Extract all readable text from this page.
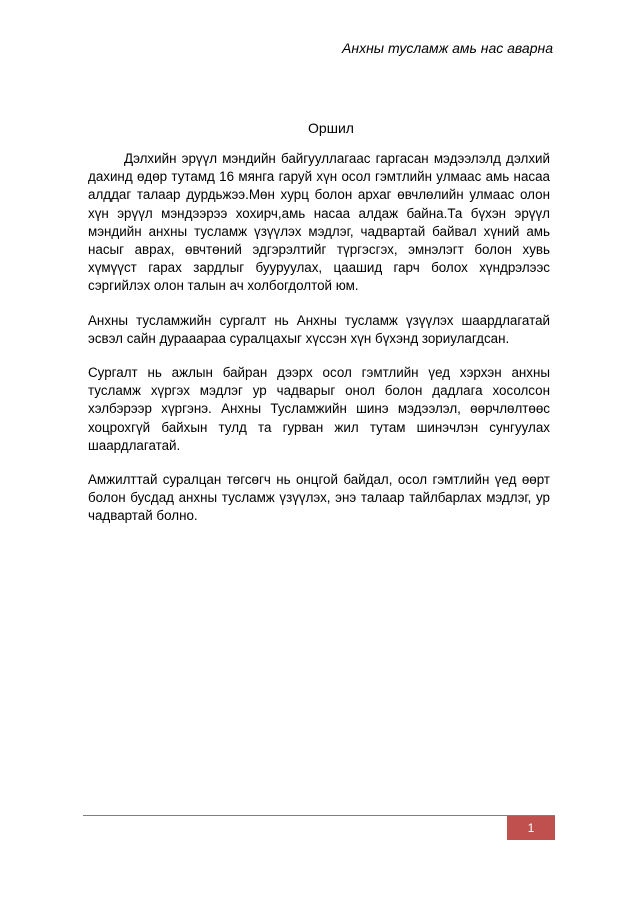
Анхны тусламж амь нас аварна
Оршил

Дэлхийн эрүүл мэндийн байгууллагаас гаргасан мэдээлэлд дэлхий дахинд өдөр тутамд 16 мянга гаруй хүн осол гэмтлийн улмаас амь насаа алддаг талаар дурдьжээ.Мөн хурц болон архаг өвчлөлийн улмаас олон хүн эрүүл мэндээрээ хохирч,амь насаа алдаж байна.Та бүхэн эрүүл мэндийн анхны тусламж үзүүлэх мэдлэг, чадвартай байвал хүний амь насыг аврах, өвчтөний эдгэрэлтийг түргэсгэх, эмнэлэгт болон хувь хүмүүст гарах зардлыг бууруулах, цаашид гарч болох хүндрэлээс сэргийлэх олон талын ач холбогдолтой юм.

Анхны тусламжийн сургалт нь Анхны тусламж үзүүлэх шаардлагатай эсвэл сайн дурааараа суралцахыг хүссэн хүн бүхэнд зориулагдсан.

Сургалт нь ажлын байран дээрх осол гэмтлийн үед хэрхэн анхны тусламж хүргэх мэдлэг ур чадварыг онол болон дадлага хосолсон хэлбэрээр хүргэнэ. Анхны Тусламжийн шинэ мэдээлэл, өөрчлөлтөөс хоцрохгүй байхын тулд та гурван жил тутам шинэчлэн сунгуулах шаардлагатай.

Амжилттай суралцан төгсөгч нь онцгой байдал, осол гэмтлийн үед өөрт болон бусдад анхны тусламж үзүүлэх, энэ талаар тайлбарлах мэдлэг, ур чадвартай болно.

1
